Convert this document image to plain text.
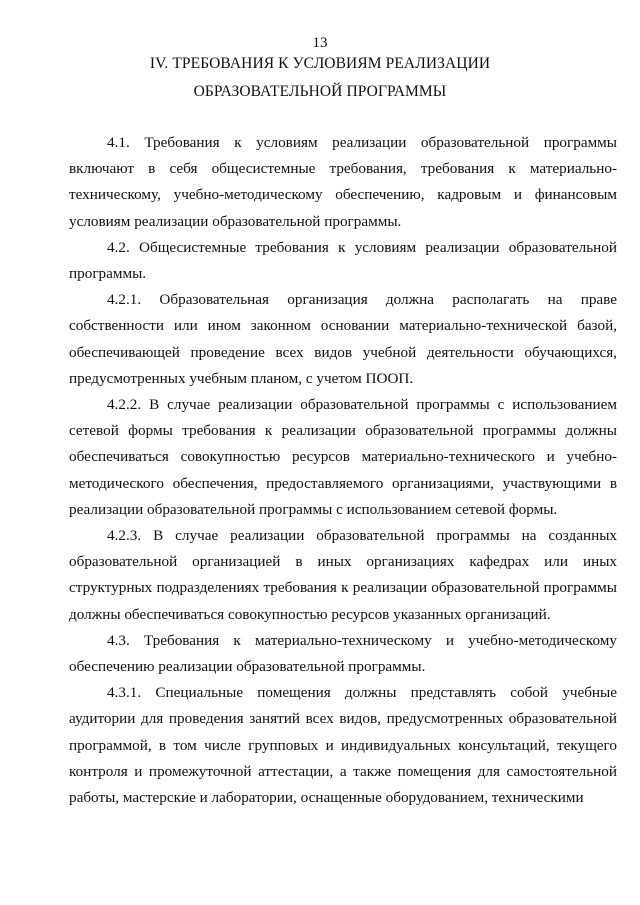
13
IV. ТРЕБОВАНИЯ К УСЛОВИЯМ РЕАЛИЗАЦИИ
ОБРАЗОВАТЕЛЬНОЙ ПРОГРАММЫ

4.1. Требования к условиям реализации образовательной программы включают в себя общесистемные требования, требования к материально-техническому, учебно-методическому обеспечению, кадровым и финансовым условиям реализации образовательной программы.

4.2. Общесистемные требования к условиям реализации образовательной программы.

4.2.1. Образовательная организация должна располагать на праве собственности или ином законном основании материально-технической базой, обеспечивающей проведение всех видов учебной деятельности обучающихся, предусмотренных учебным планом, с учетом ПООП.

4.2.2. В случае реализации образовательной программы с использованием сетевой формы требования к реализации образовательной программы должны обеспечиваться совокупностью ресурсов материально-технического и учебно-методического обеспечения, предоставляемого организациями, участвующими в реализации образовательной программы с использованием сетевой формы.

4.2.3. В случае реализации образовательной программы на созданных образовательной организацией в иных организациях кафедрах или иных структурных подразделениях требования к реализации образовательной программы должны обеспечиваться совокупностью ресурсов указанных организаций.

4.3. Требования к материально-техническому и учебно-методическому обеспечению реализации образовательной программы.

4.3.1. Специальные помещения должны представлять собой учебные аудитории для проведения занятий всех видов, предусмотренных образовательной программой, в том числе групповых и индивидуальных консультаций, текущего контроля и промежуточной аттестации, а также помещения для самостоятельной работы, мастерские и лаборатории, оснащенные оборудованием, техническими
